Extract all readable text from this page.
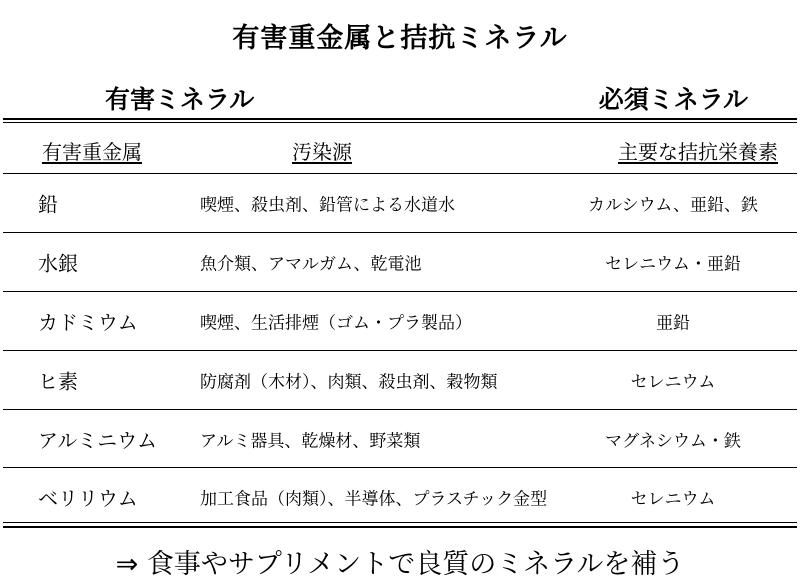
有害重金属と拮抗ミネラル
有害ミネラル	必須ミネラル
有害重金属	汚染源	主要な拮抗栄養素
鉛	喫煙、殺虫剤、鉛管による水道水	カルシウム、亜鉛、鉄
水銀	魚介類、アマルガム、乾電池	セレニウム・亜鉛
カドミウム	喫煙、生活排煙（ゴム・プラ製品）	亜鉛
ヒ素	防腐剤（木材）、肉類、殺虫剤、穀物類	セレニウム
アルミニウム	アルミ器具、乾燥材、野菜類	マグネシウム・鉄
ベリリウム	加工食品（肉類）、半導体、プラスチック金型	セレニウム
⇒ 食事やサプリメントで良質のミネラルを補う
